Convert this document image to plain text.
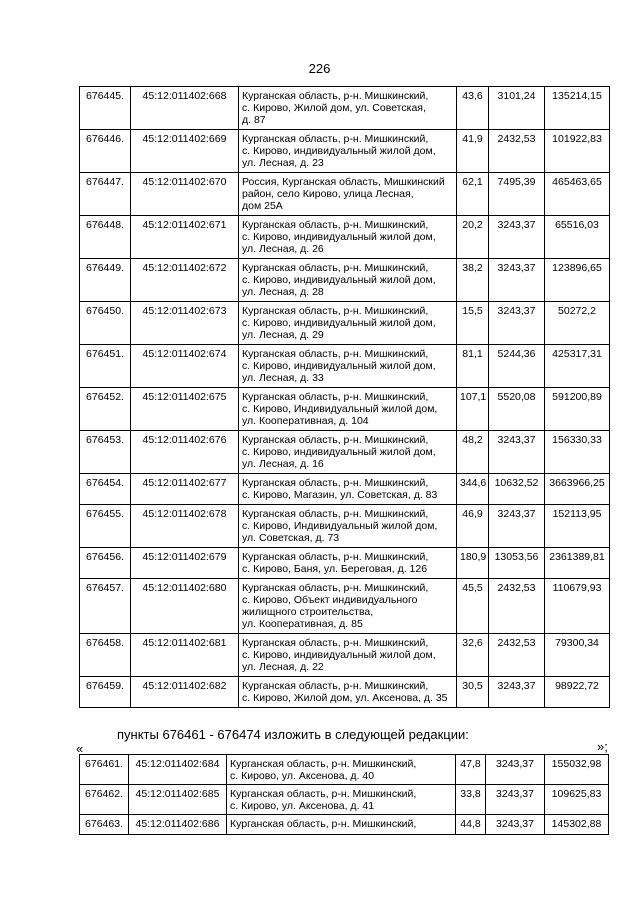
226
676445.	45:12:011402:668	Курганская область, р-н. Мишкинский,
с. Кирово, Жилой дом, ул. Советская,
д. 87	43,6	3101,24	135214,15
676446.	45:12:011402:669	Курганская область, р-н. Мишкинский,
с. Кирово, индивидуальный жилой дом,
ул. Лесная, д. 23	41,9	2432,53	101922,83
676447.	45:12:011402:670	Россия, Курганская область, Мишкинский
район, село Кирово, улица Лесная,
дом 25А	62,1	7495,39	465463,65
676448.	45:12:011402:671	Курганская область, р-н. Мишкинский,
с. Кирово, индивидуальный жилой дом,
ул. Лесная, д. 26	20,2	3243,37	65516,03
676449.	45:12:011402:672	Курганская область, р-н. Мишкинский,
с. Кирово, индивидуальный жилой дом,
ул. Лесная, д. 28	38,2	3243,37	123896,65
676450.	45:12:011402:673	Курганская область, р-н. Мишкинский,
с. Кирово, индивидуальный жилой дом,
ул. Лесная, д. 29	15,5	3243,37	50272,2
676451.	45:12:011402:674	Курганская область, р-н. Мишкинский,
с. Кирово, индивидуальный жилой дом,
ул. Лесная, д. 33	81,1	5244,36	425317,31
676452.	45:12:011402:675	Курганская область, р-н. Мишкинский,
с. Кирово, Индивидуальный жилой дом,
ул. Кооперативная, д. 104	107,1	5520,08	591200,89
676453.	45:12:011402:676	Курганская область, р-н. Мишкинский,
с. Кирово, индивидуальный жилой дом,
ул. Лесная, д. 16	48,2	3243,37	156330,33
676454.	45:12:011402:677	Курганская область, р-н. Мишкинский,
с. Кирово, Магазин, ул. Советская, д. 83	344,6	10632,52	3663966,25
676455.	45:12:011402:678	Курганская область, р-н. Мишкинский,
с. Кирово, Индивидуальный жилой дом,
ул. Советская, д. 73	46,9	3243,37	152113,95
676456.	45:12:011402:679	Курганская область, р-н. Мишкинский,
с. Кирово, Баня, ул. Береговая, д. 126	180,9	13053,56	2361389,81
676457.	45:12:011402:680	Курганская область, р-н. Мишкинский,
с. Кирово, Объект индивидуального
жилищного строительства,
ул. Кооперативная, д. 85	45,5	2432,53	110679,93
676458.	45:12:011402:681	Курганская область, р-н. Мишкинский,
с. Кирово, индивидуальный жилой дом,
ул. Лесная, д. 22	32,6	2432,53	79300,34
676459.	45:12:011402:682	Курганская область, р-н. Мишкинский,
с. Кирово, Жилой дом, ул. Аксенова, д. 35	30,5	3243,37	98922,72
»;
пункты 676461 - 676474 изложить в следующей редакции:
«
676461.	45:12:011402:684	Курганская область, р-н. Мишкинский,
с. Кирово, ул. Аксенова, д. 40	47,8	3243,37	155032,98
676462.	45:12:011402:685	Курганская область, р-н. Мишкинский,
с. Кирово, ул. Аксенова, д. 41	33,8	3243,37	109625,83
676463.	45:12:011402:686	Курганская область, р-н. Мишкинский,	44,8	3243,37	145302,88
